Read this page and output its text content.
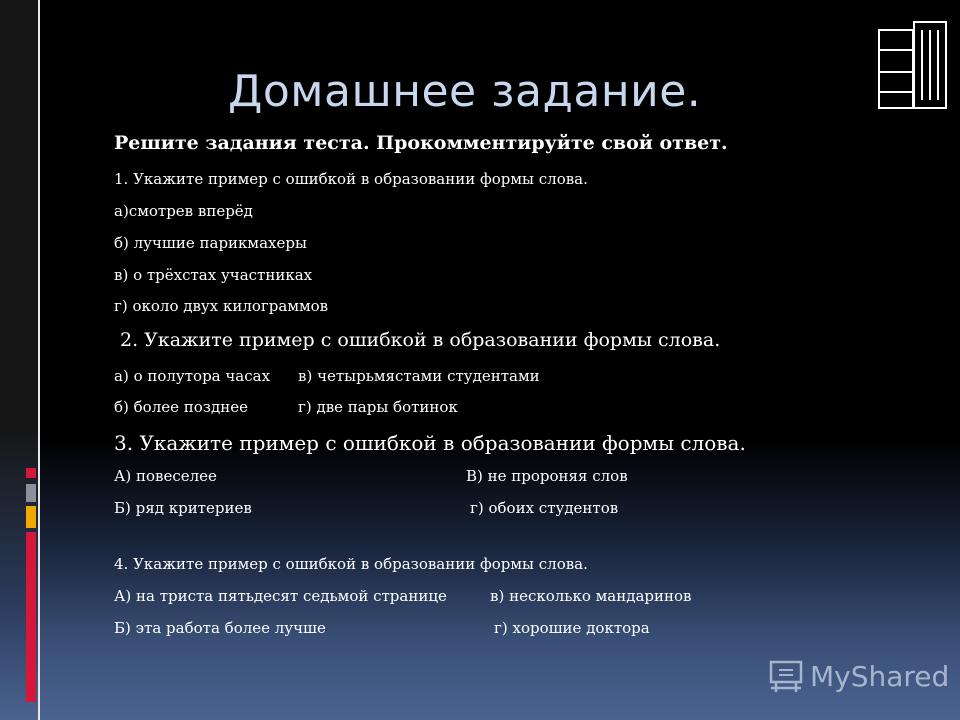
Домашнее задание.
Решите задания теста. Прокомментируйте свой ответ.
1. Укажите пример с ошибкой в образовании формы слова.
а)смотрев вперёд
б) лучшие парикмахеры
в) о трёхстах участниках
г) около двух килограммов
2. Укажите пример с ошибкой в образовании формы слова.
а) о полутора часах в) четырьмястами студентами
б) более позднее	г) две пары ботинок
3. Укажите пример с ошибкой в образовании формы слова.
А) повеселее	В) не пророняя слов
Б) ряд критериев	г) обоих студентов
4. Укажите пример с ошибкой в образовании формы слова.
А) на триста пятьдесят седьмой странице	в) несколько мандаринов
Б) эта работа более лучше	г) хорошие доктора
MyShared
